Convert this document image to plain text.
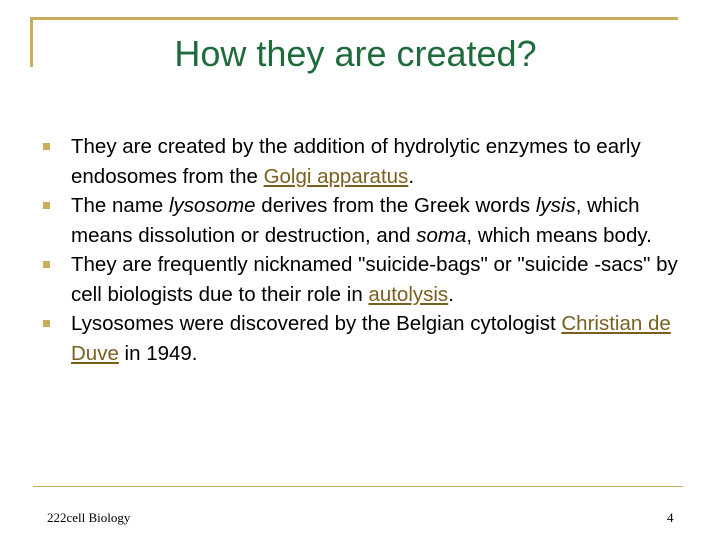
How they are created?
They are created by the addition of hydrolytic enzymes to early endosomes from the Golgi apparatus.
The name lysosome derives from the Greek words lysis, which means dissolution or destruction, and soma, which means body.
They are frequently nicknamed "suicide-bags" or "suicide -sacs" by cell biologists due to their role in autolysis.
Lysosomes were discovered by the Belgian cytologist Christian de Duve in 1949.
222cell Biology	4
